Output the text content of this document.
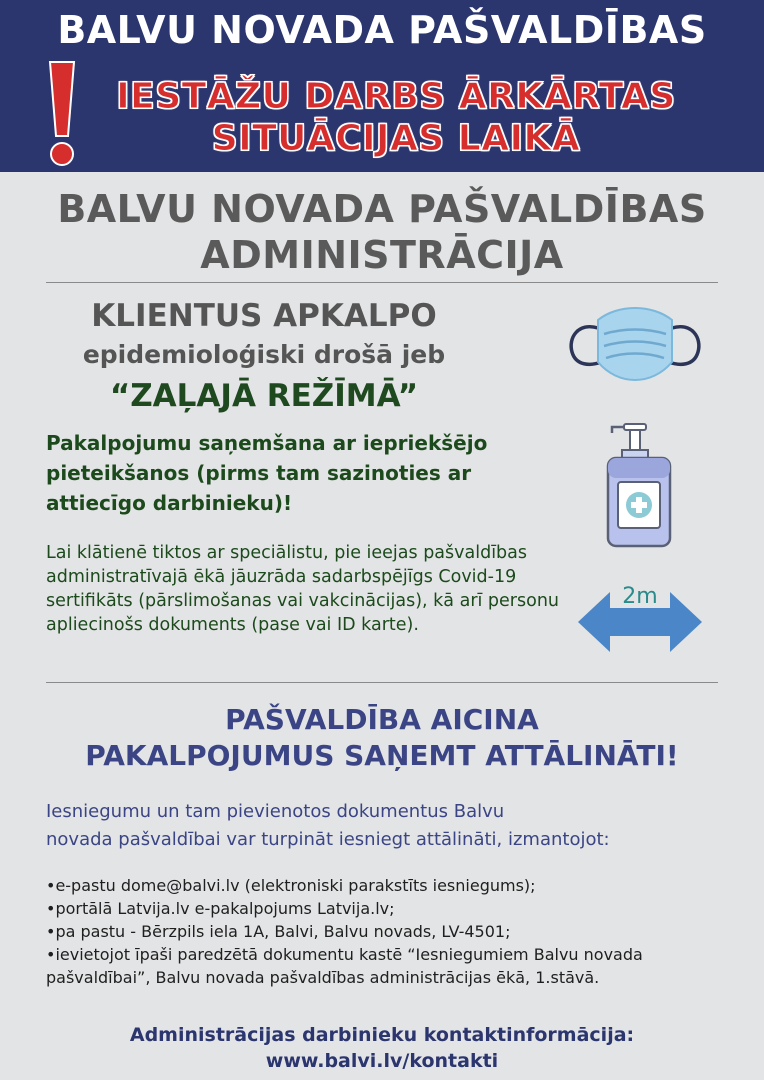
BALVU NOVADA PAŠVALDĪBAS
IESTĀŽU DARBS ĀRKĀRTAS
SITUĀCIJAS LAIKĀ
BALVU NOVADA PAŠVALDĪBAS
ADMINISTRĀCIJA
KLIENTUS APKALPO
epidemioloģiski drošā jeb
“ZAĻAJĀ REŽĪMĀ”
Pakalpojumu saņemšana ar iepriekšējo pieteikšanos (pirms tam sazinoties ar attiecīgo darbinieku)!
Lai klātienē tiktos ar speciālistu, pie ieejas pašvaldības administratīvajā ēkā jāuzrāda sadarbspējīgs Covid-19 sertifikāts (pārslimošanas vai vakcinācijas), kā arī personu apliecinošs dokuments (pase vai ID karte).
2m
PAŠVALDĪBA AICINA
PAKALPOJUMUS SAŅEMT ATTĀLINĀTI!
Iesniegumu un tam pievienotos dokumentus Balvu
novada pašvaldībai var turpināt iesniegt attālināti, izmantojot:
• e-pastu dome@balvi.lv (elektroniski parakstīts iesniegums);
• portālā Latvija.lv e-pakalpojums Latvija.lv;
• pa pastu - Bērzpils iela 1A, Balvi, Balvu novads, LV-4501;
• ievietojot īpaši paredzētā dokumentu kastē “Iesniegumiem Balvu novada pašvaldībai”, Balvu novada pašvaldības administrācijas ēkā, 1.stāvā.
Administrācijas darbinieku kontaktinformācija:
www.balvi.lv/kontakti
